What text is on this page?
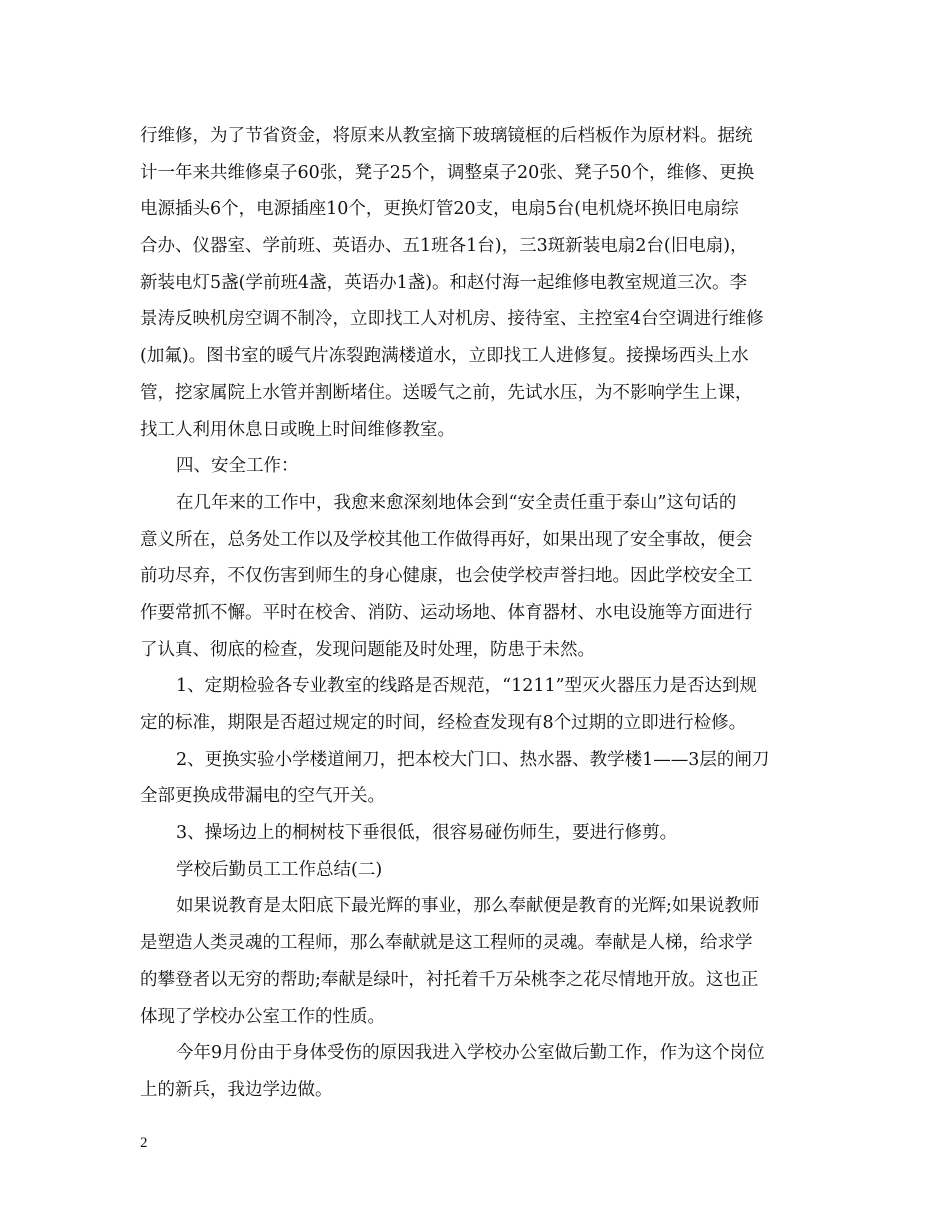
行维修，为了节省资金，将原来从教室摘下玻璃镜框的后档板作为原材料。据统
计一年来共维修桌子60张，凳子25个，调整桌子20张、凳子50个，维修、更换
电源插头6个，电源插座10个，更换灯管20支，电扇5台(电机烧坏换旧电扇综
合办、仪器室、学前班、英语办、五1班各1台)，三3斑新装电扇2台(旧电扇)，
新装电灯5盏(学前班4盏，英语办1盏)。和赵付海一起维修电教室规道三次。李
景涛反映机房空调不制冷，立即找工人对机房、接待室、主控室4台空调进行维修
(加氟)。图书室的暖气片冻裂跑满楼道水，立即找工人进修复。接操场西头上水
管，挖家属院上水管并割断堵住。送暖气之前，先试水压，为不影响学生上课，
找工人利用休息日或晚上时间维修教室。
四、安全工作：
在几年来的工作中，我愈来愈深刻地体会到“安全责任重于泰山”这句话的
意义所在，总务处工作以及学校其他工作做得再好，如果出现了安全事故，便会
前功尽弃，不仅伤害到师生的身心健康，也会使学校声誉扫地。因此学校安全工
作要常抓不懈。平时在校舍、消防、运动场地、体育器材、水电设施等方面进行
了认真、彻底的检查，发现问题能及时处理，防患于未然。
1、定期检验各专业教室的线路是否规范，“1211”型灭火器压力是否达到规
定的标准，期限是否超过规定的时间，经检查发现有8个过期的立即进行检修。
2、更换实验小学楼道闸刀，把本校大门口、热水器、教学楼1——3层的闸刀
全部更换成带漏电的空气开关。
3、操场边上的桐树枝下垂很低，很容易碰伤师生，要进行修剪。
学校后勤员工工作总结(二)
如果说教育是太阳底下最光辉的事业，那么奉献便是教育的光辉;如果说教师
是塑造人类灵魂的工程师，那么奉献就是这工程师的灵魂。奉献是人梯，给求学
的攀登者以无穷的帮助;奉献是绿叶，衬托着千万朵桃李之花尽情地开放。这也正
体现了学校办公室工作的性质。
今年9月份由于身体受伤的原因我进入学校办公室做后勤工作，作为这个岗位
上的新兵，我边学边做。
2
